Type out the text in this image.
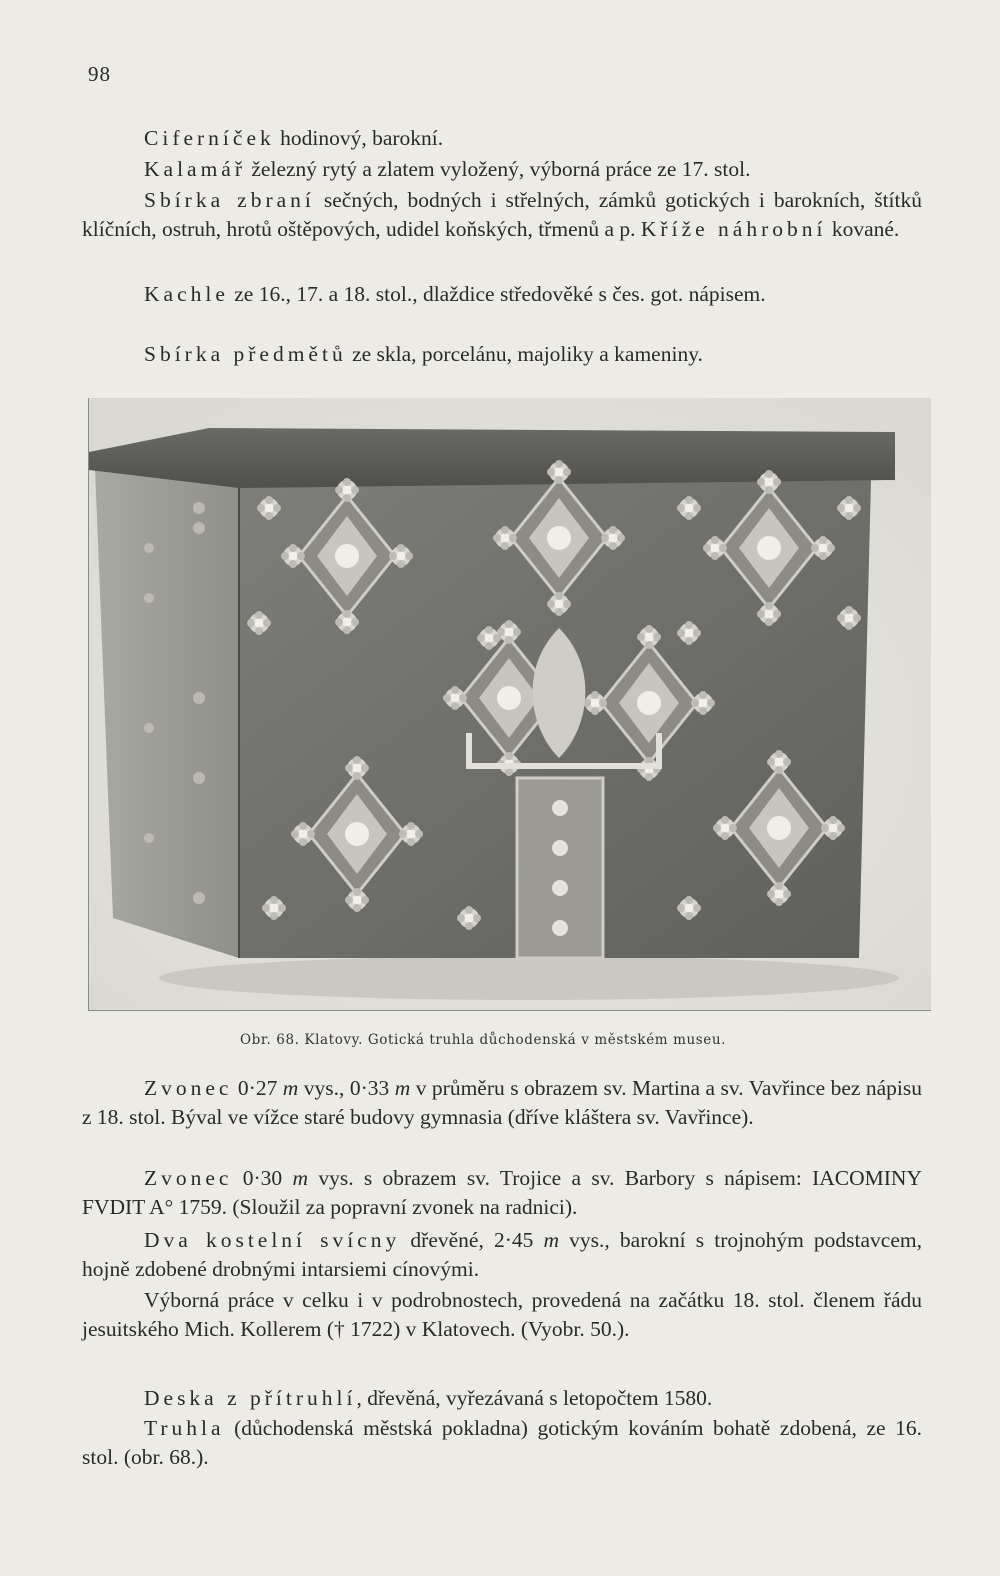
98

Ciferníček hodinový, barokní.

Kalamář železný rytý a zlatem vyložený, výborná práce ze 17. stol.

Sbírka zbraní sečných, bodných i střelných, zámků gotických i barokních, štítků klíčních, ostruh, hrotů oštěpových, udidel koňských, třmenů a p. Kříže náhrobní kované.

Kachle ze 16., 17. a 18. stol., dlaždice středověké s čes. got. nápisem.

Sbírka předmětů ze skla, porcelánu, majoliky a kameniny.

Obr. 68. Klatovy. Gotická truhla důchodenská v městském museu.

Zvonec 0·27 m vys., 0·33 m v průměru s obrazem sv. Martina a sv. Vavřince bez nápisu z 18. stol. Býval ve vížce staré budovy gymnasia (dříve kláštera sv. Vavřince).

Zvonec 0·30 m vys. s obrazem sv. Trojice a sv. Barbory s nápisem: IACOMINY FVDIT A° 1759. (Sloužil za popravní zvonek na radnici).

Dva kostelní svícny dřevěné, 2·45 m vys., barokní s trojnohým podstavcem, hojně zdobené drobnými intarsiemi cínovými.

Výborná práce v celku i v podrobnostech, provedená na začátku 18. stol. členem řádu jesuitského Mich. Kollerem († 1722) v Klatovech. (Vyobr. 50.).

Deska z přítruhlí, dřevěná, vyřezávaná s letopočtem 1580.

Truhla (důchodenská městská pokladna) gotickým kováním bohatě zdobená, ze 16. stol. (obr. 68.).
